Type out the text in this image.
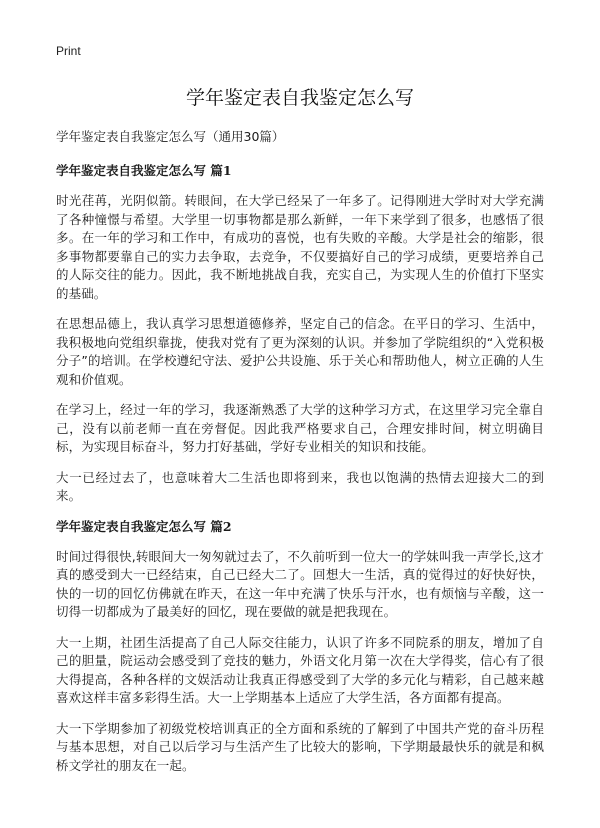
Print
学年鉴定表自我鉴定怎么写

学年鉴定表自我鉴定怎么写（通用30篇）

学年鉴定表自我鉴定怎么写 篇1

时光荏苒，光阴似箭。转眼间，在大学已经呆了一年多了。记得刚进大学时对大学充满了各种憧憬与希望。大学里一切事物都是那么新鲜，一年下来学到了很多，也感悟了很多。在一年的学习和工作中，有成功的喜悦，也有失败的辛酸。大学是社会的缩影，很多事物都要靠自己的实力去争取，去竞争，不仅要搞好自己的学习成绩，更要培养自己的人际交往的能力。因此，我不断地挑战自我，充实自己，为实现人生的价值打下坚实的基础。

在思想品德上，我认真学习思想道德修养，坚定自己的信念。在平日的学习、生活中，我积极地向党组织靠拢，使我对党有了更为深刻的认识。并参加了学院组织的“入党积极分子”的培训。在学校遵纪守法、爱护公共设施、乐于关心和帮助他人，树立正确的人生观和价值观。

在学习上，经过一年的学习，我逐渐熟悉了大学的这种学习方式，在这里学习完全靠自己，没有以前老师一直在旁督促。因此我严格要求自己，合理安排时间，树立明确目标，为实现目标奋斗，努力打好基础，学好专业相关的知识和技能。

大一已经过去了，也意味着大二生活也即将到来，我也以饱满的热情去迎接大二的到来。

学年鉴定表自我鉴定怎么写 篇2

时间过得很快,转眼间大一匆匆就过去了，不久前听到一位大一的学妹叫我一声学长,这才真的感受到大一已经结束，自己已经大二了。回想大一生活，真的觉得过的好快好快，快的一切的回忆仿佛就在昨天，在这一年中充满了快乐与汗水，也有烦恼与辛酸，这一切得一切都成为了最美好的回忆，现在要做的就是把我现在。

大一上期，社团生活提高了自己人际交往能力，认识了许多不同院系的朋友，增加了自己的胆量，院运动会感受到了竞技的魅力，外语文化月第一次在大学得奖，信心有了很大得提高，各种各样的文娱活动让我真正得感受到了大学的多元化与精彩，自己越来越喜欢这样丰富多彩得生活。大一上学期基本上适应了大学生活，各方面都有提高。

大一下学期参加了初级党校培训真正的全方面和系统的了解到了中国共产党的奋斗历程与基本思想，对自己以后学习与生活产生了比较大的影响，下学期最最快乐的就是和枫桥文学社的朋友在一起。
